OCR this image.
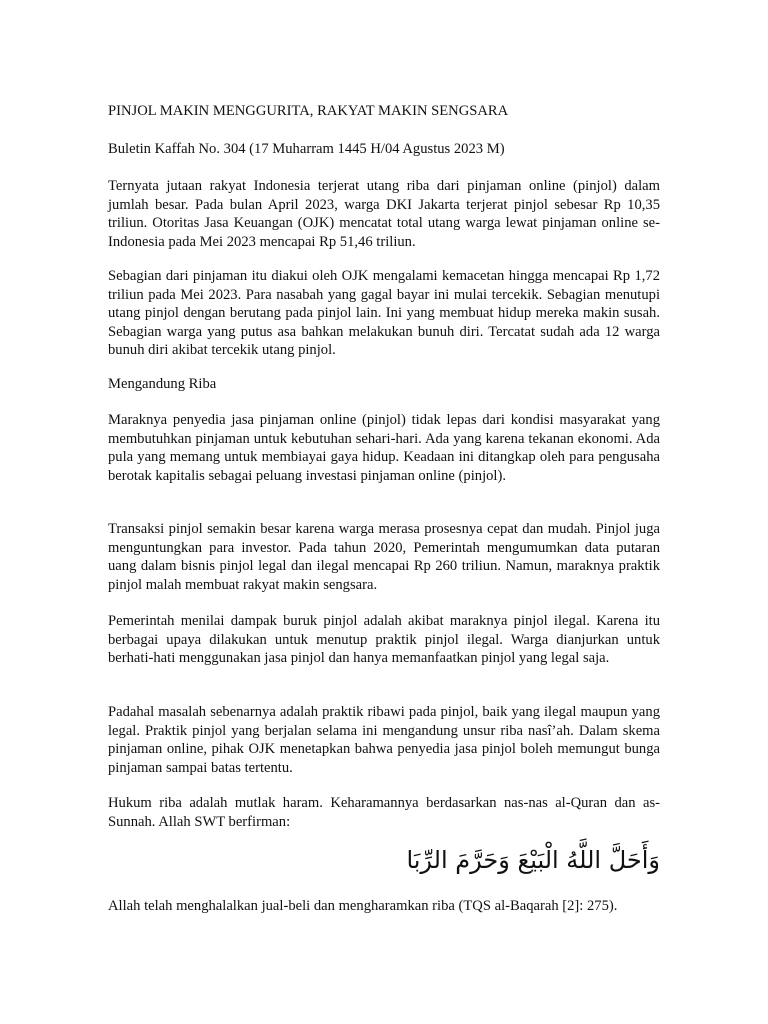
PINJOL MAKIN MENGGURITA, RAKYAT MAKIN SENGSARA
Buletin Kaffah No. 304 (17 Muharram 1445 H/04 Agustus 2023 M)
Ternyata jutaan rakyat Indonesia terjerat utang riba dari pinjaman online (pinjol) dalam jumlah besar. Pada bulan April 2023, warga DKI Jakarta terjerat pinjol sebesar Rp 10,35 triliun. Otoritas Jasa Keuangan (OJK) mencatat total utang warga lewat pinjaman online se-Indonesia pada Mei 2023 mencapai Rp 51,46 triliun.
Sebagian dari pinjaman itu diakui oleh OJK mengalami kemacetan hingga mencapai Rp 1,72 triliun pada Mei 2023. Para nasabah yang gagal bayar ini mulai tercekik. Sebagian menutupi utang pinjol dengan berutang pada pinjol lain. Ini yang membuat hidup mereka makin susah. Sebagian warga yang putus asa bahkan melakukan bunuh diri. Tercatat sudah ada 12 warga bunuh diri akibat tercekik utang pinjol.
Mengandung Riba
Maraknya penyedia jasa pinjaman online (pinjol) tidak lepas dari kondisi masyarakat yang membutuhkan pinjaman untuk kebutuhan sehari-hari. Ada yang karena tekanan ekonomi. Ada pula yang memang untuk membiayai gaya hidup. Keadaan ini ditangkap oleh para pengusaha berotak kapitalis sebagai peluang investasi pinjaman online (pinjol).
Transaksi pinjol semakin besar karena warga merasa prosesnya cepat dan mudah. Pinjol juga menguntungkan para investor. Pada tahun 2020, Pemerintah mengumumkan data putaran uang dalam bisnis pinjol legal dan ilegal mencapai Rp 260 triliun. Namun, maraknya praktik pinjol malah membuat rakyat makin sengsara.
Pemerintah menilai dampak buruk pinjol adalah akibat maraknya pinjol ilegal. Karena itu berbagai upaya dilakukan untuk menutup praktik pinjol ilegal. Warga dianjurkan untuk berhati-hati menggunakan jasa pinjol dan hanya memanfaatkan pinjol yang legal saja.
Padahal masalah sebenarnya adalah praktik ribawi pada pinjol, baik yang ilegal maupun yang legal. Praktik pinjol yang berjalan selama ini mengandung unsur riba nasî’ah. Dalam skema pinjaman online, pihak OJK menetapkan bahwa penyedia jasa pinjol boleh memungut bunga pinjaman sampai batas tertentu.
Hukum riba adalah mutlak haram. Keharamannya berdasarkan nas-nas al-Quran dan as-Sunnah. Allah SWT berfirman:
وَأَحَلَّ اللَّهُ الْبَيْعَ وَحَرَّمَ الرِّبَا
Allah telah menghalalkan jual-beli dan mengharamkan riba (TQS al-Baqarah [2]: 275).
